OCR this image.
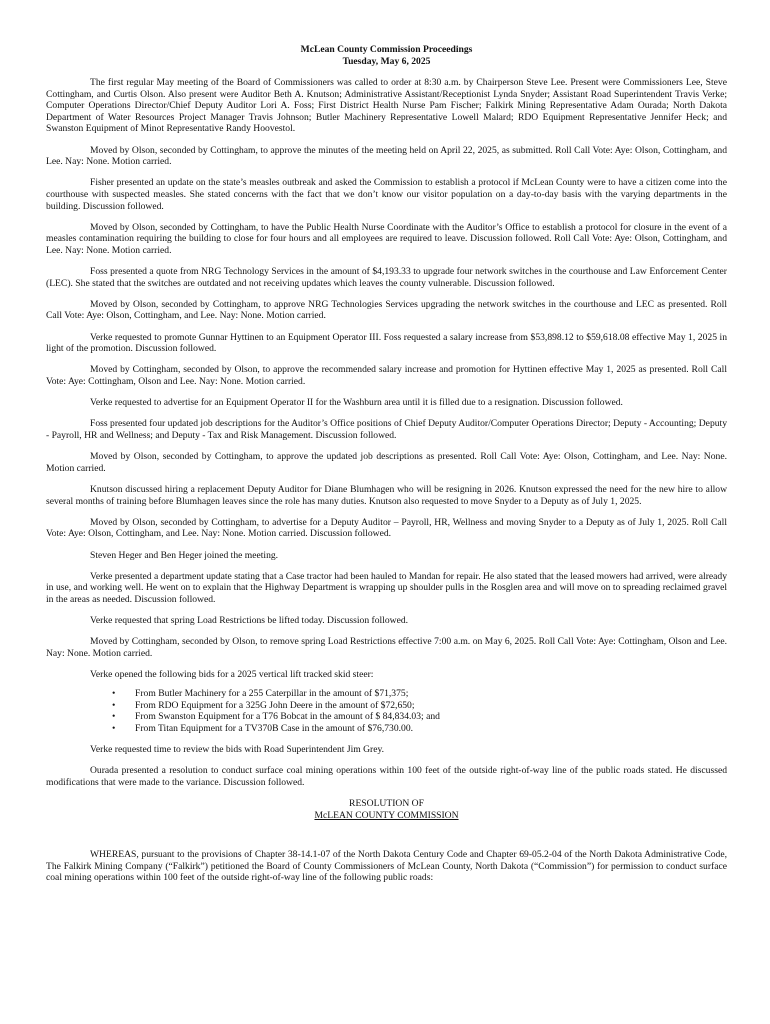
McLean County Commission Proceedings
Tuesday, May 6, 2025

The first regular May meeting of the Board of Commissioners was called to order at 8:30 a.m. by Chairperson Steve Lee. Present were Commissioners Lee, Steve Cottingham, and Curtis Olson. Also present were Auditor Beth A. Knutson; Administrative Assistant/Receptionist Lynda Snyder; Assistant Road Superintendent Travis Verke; Computer Operations Director/Chief Deputy Auditor Lori A. Foss; First District Health Nurse Pam Fischer; Falkirk Mining Representative Adam Ourada; North Dakota Department of Water Resources Project Manager Travis Johnson; Butler Machinery Representative Lowell Malard; RDO Equipment Representative Jennifer Heck; and Swanston Equipment of Minot Representative Randy Hoovestol.

Moved by Olson, seconded by Cottingham, to approve the minutes of the meeting held on April 22, 2025, as submitted. Roll Call Vote: Aye: Olson, Cottingham, and Lee. Nay: None. Motion carried.

Fisher presented an update on the state’s measles outbreak and asked the Commission to establish a protocol if McLean County were to have a citizen come into the courthouse with suspected measles. She stated concerns with the fact that we don’t know our visitor population on a day-to-day basis with the varying departments in the building. Discussion followed.

Moved by Olson, seconded by Cottingham, to have the Public Health Nurse Coordinate with the Auditor’s Office to establish a protocol for closure in the event of a measles contamination requiring the building to close for four hours and all employees are required to leave. Discussion followed. Roll Call Vote: Aye: Olson, Cottingham, and Lee. Nay: None. Motion carried.

Foss presented a quote from NRG Technology Services in the amount of $4,193.33 to upgrade four network switches in the courthouse and Law Enforcement Center (LEC). She stated that the switches are outdated and not receiving updates which leaves the county vulnerable. Discussion followed.

Moved by Olson, seconded by Cottingham, to approve NRG Technologies Services upgrading the network switches in the courthouse and LEC as presented. Roll Call Vote: Aye: Olson, Cottingham, and Lee. Nay: None. Motion carried.

Verke requested to promote Gunnar Hyttinen to an Equipment Operator III. Foss requested a salary increase from $53,898.12 to $59,618.08 effective May 1, 2025 in light of the promotion. Discussion followed.

Moved by Cottingham, seconded by Olson, to approve the recommended salary increase and promotion for Hyttinen effective May 1, 2025 as presented. Roll Call Vote: Aye: Cottingham, Olson and Lee. Nay: None. Motion carried.

Verke requested to advertise for an Equipment Operator II for the Washburn area until it is filled due to a resignation. Discussion followed.

Foss presented four updated job descriptions for the Auditor’s Office positions of Chief Deputy Auditor/Computer Operations Director; Deputy - Accounting; Deputy - Payroll, HR and Wellness; and Deputy - Tax and Risk Management. Discussion followed.

Moved by Olson, seconded by Cottingham, to approve the updated job descriptions as presented. Roll Call Vote: Aye: Olson, Cottingham, and Lee. Nay: None. Motion carried.

Knutson discussed hiring a replacement Deputy Auditor for Diane Blumhagen who will be resigning in 2026. Knutson expressed the need for the new hire to allow several months of training before Blumhagen leaves since the role has many duties. Knutson also requested to move Snyder to a Deputy as of July 1, 2025.

Moved by Olson, seconded by Cottingham, to advertise for a Deputy Auditor – Payroll, HR, Wellness and moving Snyder to a Deputy as of July 1, 2025. Roll Call Vote: Aye: Olson, Cottingham, and Lee. Nay: None. Motion carried. Discussion followed.

Steven Heger and Ben Heger joined the meeting.

Verke presented a department update stating that a Case tractor had been hauled to Mandan for repair. He also stated that the leased mowers had arrived, were already in use, and working well. He went on to explain that the Highway Department is wrapping up shoulder pulls in the Rosglen area and will move on to spreading reclaimed gravel in the areas as needed. Discussion followed.

Verke requested that spring Load Restrictions be lifted today. Discussion followed.

Moved by Cottingham, seconded by Olson, to remove spring Load Restrictions effective 7:00 a.m. on May 6, 2025. Roll Call Vote: Aye: Cottingham, Olson and Lee. Nay: None. Motion carried.

Verke opened the following bids for a 2025 vertical lift tracked skid steer:

• From Butler Machinery for a 255 Caterpillar in the amount of $71,375;
• From RDO Equipment for a 325G John Deere in the amount of $72,650;
• From Swanston Equipment for a T76 Bobcat in the amount of $ 84,834.03; and
• From Titan Equipment for a TV370B Case in the amount of $76,730.00.

Verke requested time to review the bids with Road Superintendent Jim Grey.

Ourada presented a resolution to conduct surface coal mining operations within 100 feet of the outside right-of-way line of the public roads stated. He discussed modifications that were made to the variance. Discussion followed.

RESOLUTION OF
McLEAN COUNTY COMMISSION

WHEREAS, pursuant to the provisions of Chapter 38-14.1-07 of the North Dakota Century Code and Chapter 69-05.2-04 of the North Dakota Administrative Code, The Falkirk Mining Company (“Falkirk”) petitioned the Board of County Commissioners of McLean County, North Dakota (“Commission”) for permission to conduct surface coal mining operations within 100 feet of the outside right-of-way line of the following public roads:
